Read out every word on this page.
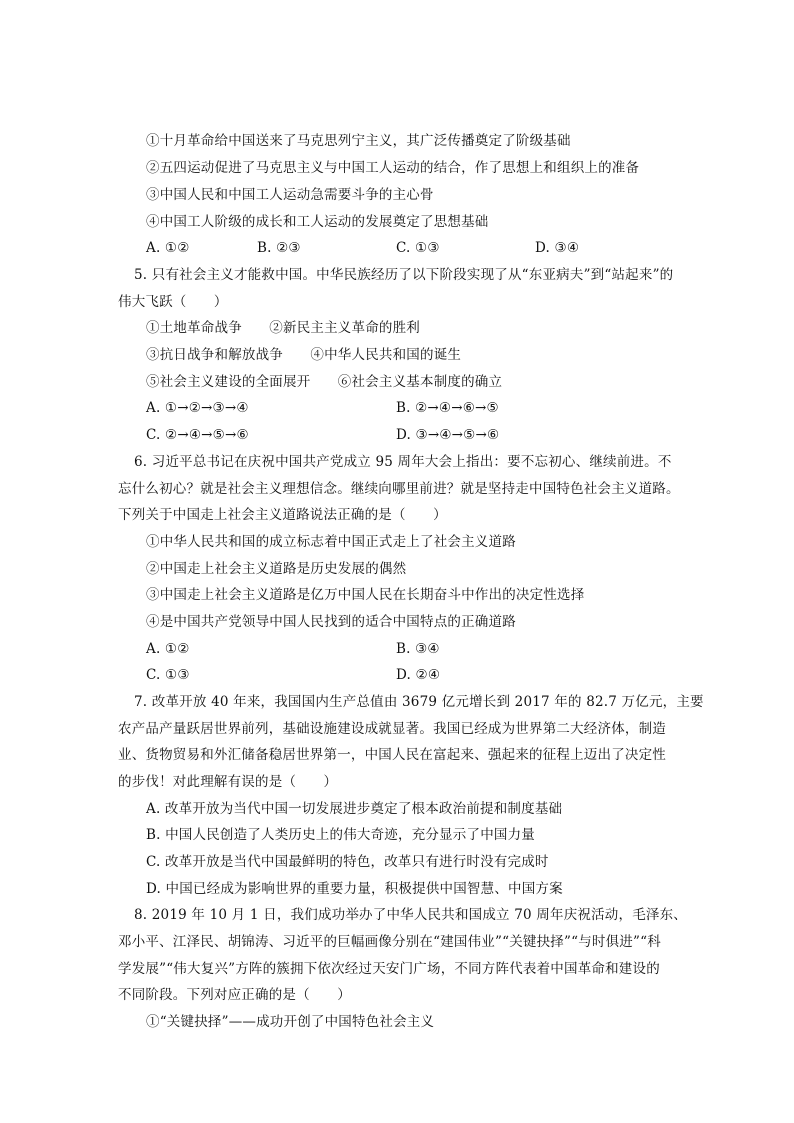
①十月革命给中国送来了马克思列宁主义，其广泛传播奠定了阶级基础
②五四运动促进了马克思主义与中国工人运动的结合，作了思想上和组织上的准备
③中国人民和中国工人运动急需要斗争的主心骨
④中国工人阶级的成长和工人运动的发展奠定了思想基础
A. ①②	B. ②③	C. ①③	D. ③④
5. 只有社会主义才能救中国。中华民族经历了以下阶段实现了从“东亚病夫”到“站起来”的
伟大飞跃（　　）
①土地革命战争　　②新民主主义革命的胜利
③抗日战争和解放战争　　④中华人民共和国的诞生
⑤社会主义建设的全面展开　　⑥社会主义基本制度的确立
A. ①→②→③→④	B. ②→④→⑥→⑤
C. ②→④→⑤→⑥	D. ③→④→⑤→⑥
6. 习近平总书记在庆祝中国共产党成立 95 周年大会上指出：要不忘初心、继续前进。不
忘什么初心？就是社会主义理想信念。继续向哪里前进？就是坚持走中国特色社会主义道路。
下列关于中国走上社会主义道路说法正确的是（　　）
①中华人民共和国的成立标志着中国正式走上了社会主义道路
②中国走上社会主义道路是历史发展的偶然
③中国走上社会主义道路是亿万中国人民在长期奋斗中作出的决定性选择
④是中国共产党领导中国人民找到的适合中国特点的正确道路
A. ①②	B. ③④
C. ①③	D. ②④
7. 改革开放 40 年来，我国国内生产总值由 3679 亿元增长到 2017 年的 82.7 万亿元，主要
农产品产量跃居世界前列，基础设施建设成就显著。我国已经成为世界第二大经济体，制造
业、货物贸易和外汇储备稳居世界第一，中国人民在富起来、强起来的征程上迈出了决定性
的步伐！对此理解有误的是（　　）
A. 改革开放为当代中国一切发展进步奠定了根本政治前提和制度基础
B. 中国人民创造了人类历史上的伟大奇迹，充分显示了中国力量
C. 改革开放是当代中国最鲜明的特色，改革只有进行时没有完成时
D. 中国已经成为影响世界的重要力量，积极提供中国智慧、中国方案
8. 2019 年 10 月 1 日，我们成功举办了中华人民共和国成立 70 周年庆祝活动，毛泽东、
邓小平、江泽民、胡锦涛、习近平的巨幅画像分别在“建国伟业”“关键抉择”“与时俱进”“科
学发展”“伟大复兴”方阵的簇拥下依次经过天安门广场，不同方阵代表着中国革命和建设的
不同阶段。下列对应正确的是（　　）
①“关键抉择”——成功开创了中国特色社会主义
